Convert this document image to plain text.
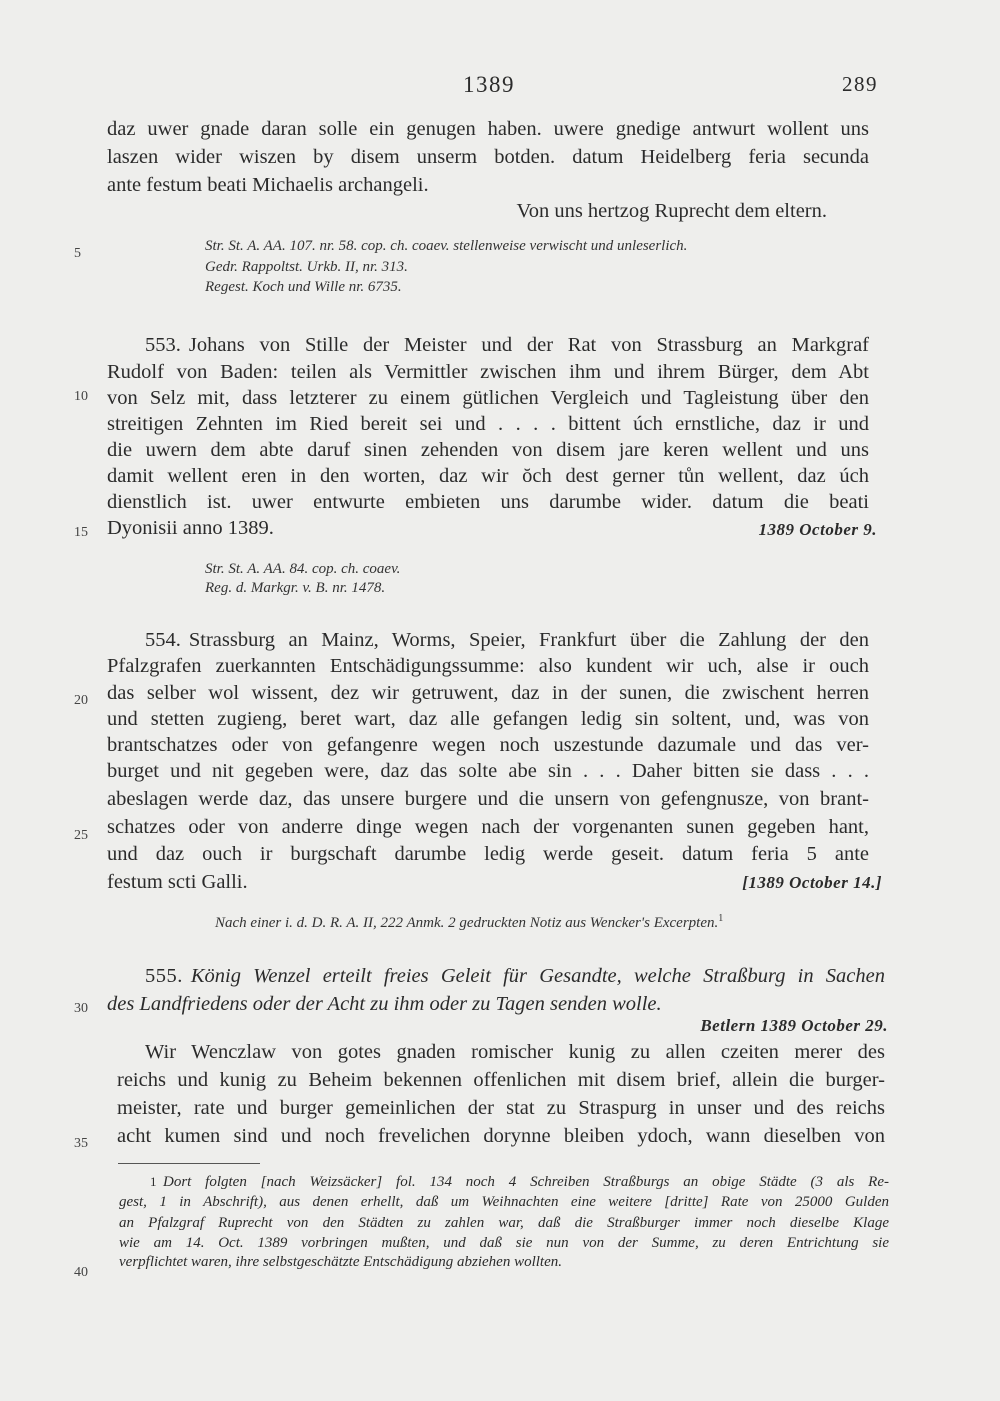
1389	289
5
10
15
20
25
30
35
40
daz uwer gnade daran solle ein genugen haben. uwere gnedige antwurt wollent uns
laszen wider wiszen by disem unserm botden. datum Heidelberg feria secunda
ante festum beati Michaelis archangeli.
Von uns hertzog Ruprecht dem eltern.
Str. St. A. AA. 107. nr. 58. cop. ch. coaev. stellenweise verwischt und unleserlich.
Gedr. Rappoltst. Urkb. II, nr. 313.
Regest. Koch und Wille nr. 6735.
553. Johans von Stille der Meister und der Rat von Strassburg an Markgraf
Rudolf von Baden: teilen als Vermittler zwischen ihm und ihrem Bürger, dem Abt
von Selz mit, dass letzterer zu einem gütlichen Vergleich und Tagleistung über den
streitigen Zehnten im Ried bereit sei und . . . . bittent úch ernstliche, daz ir und
die uwern dem abte daruf sinen zehenden von disem jare keren wellent und uns
damit wellent eren in den worten, daz wir ŏch dest gerner tůn wellent, daz úch
dienstlich ist. uwer entwurte embieten uns darumbe wider. datum die beati
Dyonisii anno 1389.	1389 October 9.
Str. St. A. AA. 84. cop. ch. coaev.
Reg. d. Markgr. v. B. nr. 1478.
554. Strassburg an Mainz, Worms, Speier, Frankfurt über die Zahlung der den
Pfalzgrafen zuerkannten Entschädigungssumme: also kundent wir uch, alse ir ouch
das selber wol wissent, dez wir getruwent, daz in der sunen, die zwischent herren
und stetten zugieng, beret wart, daz alle gefangen ledig sin soltent, und, was von
brantschatzes oder von gefangenre wegen noch uszestunde dazumale und das ver-
burget und nit gegeben were, daz das solte abe sin . . . Daher bitten sie dass . . .
abeslagen werde daz, das unsere burgere und die unsern von gefengnusze, von brant-
schatzes oder von anderre dinge wegen nach der vorgenanten sunen gegeben hant,
und daz ouch ir burgschaft darumbe ledig werde geseit. datum feria 5 ante
festum scti Galli.	[1389 October 14.]
Nach einer i. d. D. R. A. II, 222 Anmk. 2 gedruckten Notiz aus Wencker's Excerpten.$^1$
555. König Wenzel erteilt freies Geleit für Gesandte, welche Straßburg in Sachen
des Landfriedens oder der Acht zu ihm oder zu Tagen senden wolle.
Betlern 1389 October 29.
Wir Wenczlaw von gotes gnaden romischer kunig zu allen czeiten merer des
reichs und kunig zu Beheim bekennen offenlichen mit disem brief, allein die burger-
meister, rate und burger gemeinlichen der stat zu Straspurg in unser und des reichs
acht kumen sind und noch frevelichen dorynne bleiben ydoch, wann dieselben von
1 Dort folgten [nach Weizsäcker] fol. 134 noch 4 Schreiben Straßburgs an obige Städte (3 als Re-
gest, 1 in Abschrift), aus denen erhellt, daß um Weihnachten eine weitere [dritte] Rate von 25000 Gulden
an Pfalzgraf Ruprecht von den Städten zu zahlen war, daß die Straßburger immer noch dieselbe Klage
wie am 14. Oct. 1389 vorbringen mußten, und daß sie nun von der Summe, zu deren Entrichtung sie
verpflichtet waren, ihre selbstgeschätzte Entschädigung abziehen wollten.
